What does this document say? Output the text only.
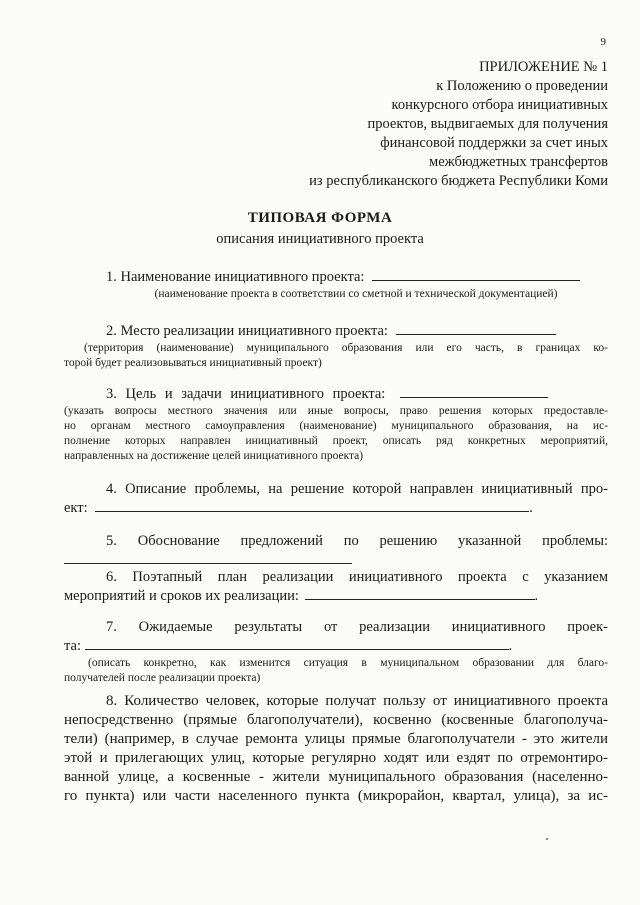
9
ПРИЛОЖЕНИЕ № 1
к Положению о проведении
конкурсного отбора инициативных
проектов, выдвигаемых для получения
финансовой поддержки за счет иных
межбюджетных трансфертов
из республиканского бюджета Республики Коми
ТИПОВАЯ ФОРМА
описания инициативного проекта
1. Наименование инициативного проекта:
(наименование проекта в соответствии со сметной и технической документацией)
2. Место реализации инициативного проекта:
(территория (наименование) муниципального образования или его часть, в границах ко-
торой будет реализовываться инициативный проект)
3. Цель и задачи инициативного проекта:
(указать вопросы местного значения или иные вопросы, право решения которых предоставле-
но органам местного самоуправления (наименование) муниципального образования, на ис-
полнение которых направлен инициативный проект, описать ряд конкретных мероприятий,
направленных на достижение целей инициативного проекта)
4. Описание проблемы, на решение которой направлен инициативный про-
ект:	.
5. Обоснование предложений по решению указанной проблемы:
6. Поэтапный план реализации инициативного проекта с указанием
мероприятий и сроков их реализации:	.
7. Ожидаемые результаты от реализации инициативного проек-
та:	.
(описать конкретно, как изменится ситуация в муниципальном образовании для благо-
получателей после реализации проекта)
8. Количество человек, которые получат пользу от инициативного проекта
непосредственно (прямые благополучатели), косвенно (косвенные благополуча-
тели) (например, в случае ремонта улицы прямые благополучатели - это жители
этой и прилегающих улиц, которые регулярно ходят или ездят по отремонтиро-
ванной улице, а косвенные - жители муниципального образования (населенно-
го пункта) или части населенного пункта (микрорайон, квартал, улица), за ис-
